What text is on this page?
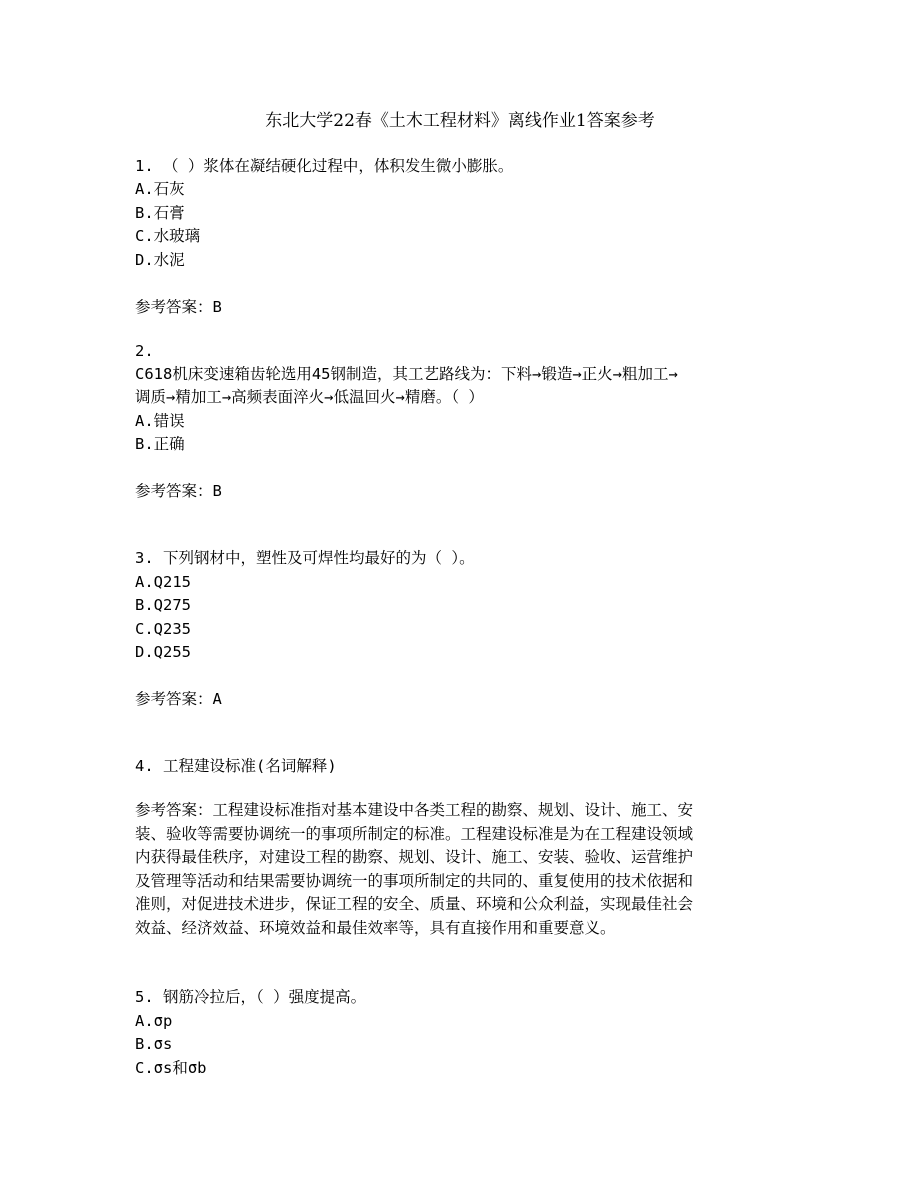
东北大学22春《土木工程材料》离线作业1答案参考
1. （ ）浆体在凝结硬化过程中，体积发生微小膨胀。
A.石灰
B.石膏
C.水玻璃
D.水泥
参考答案：B
2.
C618机床变速箱齿轮选用45钢制造，其工艺路线为：下料→锻造→正火→粗加工→
调质→精加工→高频表面淬火→低温回火→精磨。（ ）
A.错误
B.正确
参考答案：B
3. 下列钢材中，塑性及可焊性均最好的为（ ）。
A.Q215
B.Q275
C.Q235
D.Q255
参考答案：A
4. 工程建设标准(名词解释)
参考答案：工程建设标准指对基本建设中各类工程的勘察、规划、设计、施工、安
装、验收等需要协调统一的事项所制定的标准。工程建设标准是为在工程建设领域
内获得最佳秩序，对建设工程的勘察、规划、设计、施工、安装、验收、运营维护
及管理等活动和结果需要协调统一的事项所制定的共同的、重复使用的技术依据和
准则，对促进技术进步，保证工程的安全、质量、环境和公众利益，实现最佳社会
效益、经济效益、环境效益和最佳效率等，具有直接作用和重要意义。
5. 钢筋冷拉后，（ ）强度提高。
A.σp
B.σs
C.σs和σb
